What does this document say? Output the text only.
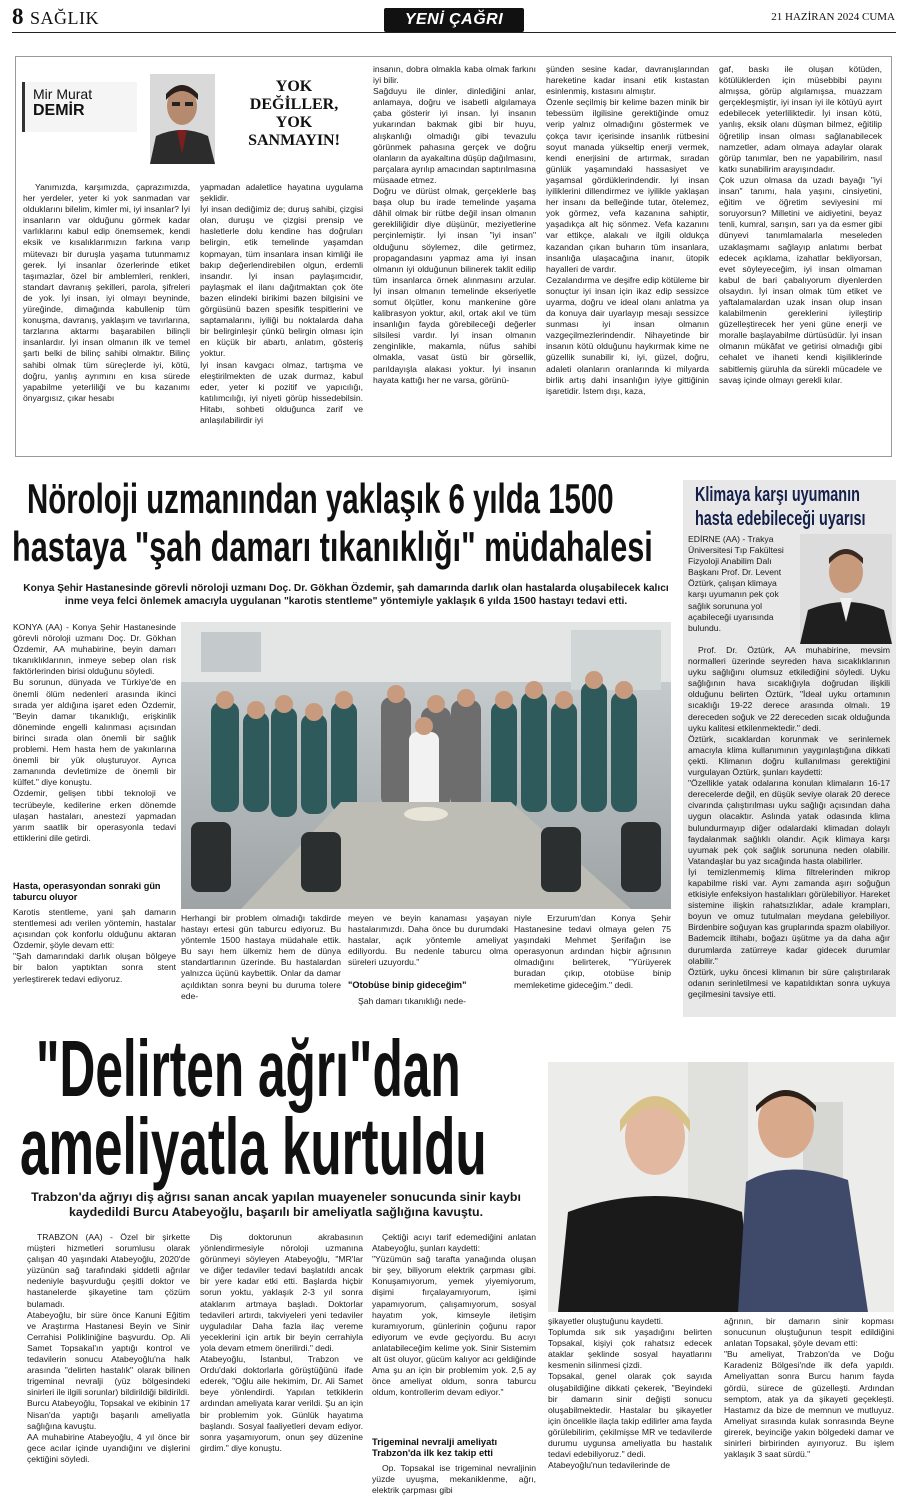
8 SAĞLIK	YENİ ÇAĞRI	21 HAZİRAN 2024 CUMA
Mir Murat
DEMİR
YOK DEĞİLLER, YOK SANMAYIN!
Yanımızda, karşımızda, çaprazımızda, her yerdeler, yeter ki yok sanmadan var olduklarını bilelim, kimler mi, iyi insanlar? İyi insanların var olduğunu görmek kadar varlıklarını kabul edip önemsemek, kendi eksik ve kısalıklarımızın farkına varıp mütevazı bir duruşla yaşama tutunmamız gerek. İyi insanlar özerlerinde etiket taşımazlar, özel bir amblemleri, renkleri, standart davranış şekilleri, parola, şifreleri de yok. İyi insan, iyi olmayı beyninde, yüreğinde, dimağında kabullenip tüm konuşma, davranış, yaklaşım ve tavırlarına, tarzlarına aktarmı başarabilen bilinçli insanlardır. İyi insan olmanın ilk ve temel şartı belki de bilinç sahibi olmaktır. Bilinç sahibi olmak tüm süreçlerde iyi, kötü, doğru, yanlış ayrımını en kısa sürede yapabilme yeterliliği ve bu kazanımı önyargısız, çıkar hesabı
yapmadan adaletlice hayatına uygulama şeklidir.
İyi insan dediğimiz de; duruş sahibi, çizgisi olan, duruşu ve çizgisi prensip ve hasletlerle dolu kendine has doğruları belirgin, etik temelinde yaşamdan kopmayan, tüm insanlara insan kimliği ile bakıp değerlendirebilen olgun, erdemli insandır. İyi insan paylaşımcıdır, paylaşmak el ilanı dağıtmaktan çok öte bazen elindeki birikimi bazen bilgisini ve görgüsünü bazen spesifik tespitlerini ve saptamalarını, iyiliği bu noktalarda daha bir belirginleşir çünkü belirgin olması için en küçük bir abartı, anlatım, gösteriş yoktur.
İyi insan kavgacı olmaz, tartışma ve eleştirilmekten de uzak durmaz, kabul eder, yeter ki pozitif ve yapıcılığı, katılımcılığı, iyi niyeti görüp hissedebilsin. Hitabı, sohbeti olduğunca zarif ve anlaşılabilirdir iyi
insanın, dobra olmakla kaba olmak farkını iyi bilir.
Sağduyu ile dinler, dinlediğini anlar, anlamaya, doğru ve isabetli algılamaya çaba gösterir iyi insan. İyi insanın yukarından bakmak gibi bir huyu, alışkanlığı olmadığı gibi tevazulu görünmek pahasına gerçek ve doğru olanların da ayakaltına düşüp dağılmasını, parçalara ayrılıp amacından saptırılmasına müsaade etmez.
Doğru ve dürüst olmak, gerçeklerle baş başa olup bu irade temelinde yaşama dâhil olmak bir rütbe değil insan olmanın gerekliliğidir diye düşünür, meziyetlerine perçinlemiştir. İyi insan "iyi insan" olduğunu söylemez, dile getirmez, propagandasını yapmaz ama iyi insan olmanın iyi olduğunun bilinerek taklit edilip tüm insanlarca örnek alınmasını arzular. İyi insan olmanın temelinde ekseriyetle somut ölçütler, konu mankenine göre kalibrasyon yoktur, akıl, ortak akıl ve tüm insanlığın fayda görebileceği değerler silsilesi vardır. İyi insan olmanın zenginlikle, makamla, nüfus sahibi olmakla, vasat üstü bir görsellik, parıldayışla alakası yoktur. İyi insanın hayata kattığı her ne varsa, görünü-
şünden sesine kadar, davranışlarından hareketine kadar insani etik kıstastan esinlenmiş, kıstasını almıştır.
Özenle seçilmiş bir kelime bazen minik bir tebessüm ilgilisine gerektiğinde omuz verip yalnız olmadığını göstermek ve çokça tavır içerisinde insanlık rütbesini soyut manada yükseltip enerji vermek, kendi enerjisini de artırmak, sıradan günlük yaşamındaki hassasiyet ve yaşamsal gördüklerindendir. İyi insan iyiliklerini dillendirmez ve iyilikle yaklaşan her insanı da belleğinde tutar, ötelemez, yok görmez, vefa kazanına sahiptir, yaşadıkça alt hiç sönmez. Vefa kazanını var ettikçe, alakalı ve ilgili oldukça kazandan çıkan buharın tüm insanlara, insanlığa ulaşacağına inanır, ütopik hayalleri de vardır.
Cezalandırma ve deşifre edip kötüleme bir sonuçtur iyi insan için ikaz edip sessizce uyarma, doğru ve ideal olanı anlatma ya da konuya dair uyarlayıp mesajı sessizce sunması iyi insan olmanın vazgeçilmezlerindendir. Nihayetinde bir insanın kötü olduğunu haykırmak kime ne güzellik sunabilir ki, iyi, güzel, doğru, adaleti olanların oranlarında ki milyarda birlik artış dahi insanlığın iyiye gittiğinin işaretidir. İstem dışı, kaza,
gaf, baskı ile oluşan kötüden, kötülüklerden için müsebbibi payını almışsa, görüp algılamışsa, muazzam gerçekleşmiştir, iyi insan iyi ile kötüyü ayırt edebilecek yeterliliktedir. İyi insan kötü, yanlış, eksik olanı düşman bilmez, eğitilip öğretilip insan olması sağlanabilecek namzetler, adam olmaya adaylar olarak görüp tanımlar, ben ne yapabilirim, nasıl katkı sunabilirim arayışındadır.
Çok uzun olmasa da uzadı bayağı "iyi insan" tanımı, hala yaşını, cinsiyetini, eğitim ve öğretim seviyesini mi soruyorsun? Milletini ve aidiyetini, beyaz tenli, kumral, sarışın, sarı ya da esmer gibi dünyevi tanımlamalarla meseleden uzaklaşmamı sağlayıp anlatımı berbat edecek açıklama, izahatlar bekliyorsan, evet söyleyeceğim, iyi insan olmaman kabul de bari çabalıyorum diyenlerden olsaydın. İyi insan olmak tüm etiket ve yaftalamalardan uzak insan olup insan kalabilmenin gereklerini iyileştirip güzelleştirecek her yeni güne enerji ve moralle başlayabilme dürtüsüdür. İyi insan olmanın mükâfat ve getirisi olmadığı gibi cehalet ve ihaneti kendi kişiliklerinde sabitlemiş güruhla da sürekli mücadele ve savaş içinde olmayı gerekli kılar.
Nöroloji uzmanından yaklaşık 6 yılda 1500
hastaya "şah damarı tıkanıklığı" müdahalesi
Konya Şehir Hastanesinde görevli nöroloji uzmanı Doç. Dr. Gökhan Özdemir, şah damarında darlık olan hastalarda oluşabilecek kalıcı inme veya felci önlemek amacıyla uygulanan "karotis stentleme" yöntemiyle yaklaşık 6 yılda 1500 hastayı tedavi etti.
KONYA (AA) - Konya Şehir Hastanesinde görevli nöroloji uzmanı Doç. Dr. Gökhan Özdemir, AA muhabirine, beyin damarı tıkanıklıklarının, inmeye sebep olan risk faktörlerinden birisi olduğunu söyledi.
Bu sorunun, dünyada ve Türkiye'de en önemli ölüm nedenleri arasında ikinci sırada yer aldığına işaret eden Özdemir, "Beyin damar tıkanıklığı, erişkinlik döneminde engelli kalınması açısından birinci sırada olan önemli bir sağlık problemi. Hem hasta hem de yakınlarına önemli bir yük oluşturuyor. Ayrıca zamanında devletimize de önemli bir külfet." diye konuştu.
Özdemir, gelişen tıbbi teknoloji ve tecrübeyle, kedilerine erken dönemde ulaşan hastaları, anestezi yapmadan yarım saatlik bir operasyonla tedavi ettiklerini dile getirdi.
Hasta, operasyondan sonraki gün taburcu oluyor
Karotis stentleme, yani şah damarın stentlemesi adı verilen yöntemin, hastalar açısından çok konforlu olduğunu aktaran Özdemir, şöyle devam etti:
"Şah damarındaki darlık oluşan bölgeye bir balon yaptıktan sonra stent yerleştirerek tedavi ediyoruz.
Herhangi bir problem olmadığı takdirde hastayı ertesi gün taburcu ediyoruz. Bu yöntemle 1500 hastaya müdahale ettik. Bu sayı hem ülkemiz hem de dünya standartlarının üzerinde. Bu hastalardan yalnızca üçünü kaybettik. Onlar da damar açıldıktan sonra beyni bu duruma tolere ede-
meyen ve beyin kanaması yaşayan hastalarımızdı. Daha önce bu durumdaki hastalar, açık yöntemle ameliyat ediliyordu. Bu nedenle taburcu olma süreleri uzuyordu."
"Otobüse binip gideceğim"
Şah damarı tıkanıklığı nede-
niyle Erzurum'dan Konya Şehir Hastanesine tedavi olmaya gelen 75 yaşındaki Mehmet Şerifağın ise operasyonun ardından hiçbir ağrısının olmadığını belirterek, "Yürüyerek buradan çıkıp, otobüse binip memleketime gideceğim." dedi.
Klimaya karşı uyumanın
hasta edebileceği uyarısı
EDİRNE (AA) - Trakya Üniversitesi Tıp Fakültesi Fizyoloji Anabilim Dalı Başkanı Prof. Dr. Levent Öztürk, çalışan klimaya karşı uyumanın pek çok sağlık sorununa yol açabileceği uyarısında bulundu.
Prof. Dr. Öztürk, AA muhabirine, mevsim normalleri üzerinde seyreden hava sıcaklıklarının uyku sağlığını olumsuz etkilediğini söyledi. Uyku sağlığının hava sıcaklığıyla doğrudan ilişkili olduğunu belirten Öztürk, "İdeal uyku ortamının sıcaklığı 19-22 derece arasında olmalı. 19 dereceden soğuk ve 22 dereceden sıcak olduğunda uyku kalitesi etkilenmektedir." dedi.
Öztürk, sıcaklardan korunmak ve serinlemek amacıyla klima kullanımının yaygınlaştığına dikkati çekti. Klimanın doğru kullanılması gerektiğini vurgulayan Öztürk, şunları kaydetti:
"Özellikle yatak odalarına konulan klimaların 16-17 derecelerde değil, en düşük seviye olarak 20 derece civarında çalıştırılması uyku sağlığı açısından daha uygun olacaktır. Aslında yatak odasında klima bulundurmayıp diğer odalardaki klimadan dolaylı faydalanmak sağlıklı olandır. Açık klimaya karşı uyumak pek çok sağlık sorununa neden olabilir. Vatandaşlar bu yaz sıcağında hasta olabilirler.
İyi temizlenmemiş klima filtrelerinden mikrop kapabilme riski var. Aynı zamanda aşırı soğuğun etkisiyle enfeksiyon hastalıkları görülebiliyor. Hareket sistemine ilişkin rahatsızlıklar, adale krampları, boyun ve omuz tutulmaları meydana gelebiliyor. Birdenbire soğuyan kas gruplarında spazm olabiliyor. Bademcik iltihabı, boğazı üşütme ya da daha ağır durumlarda zatürreye kadar gidecek durumlar olabilir."
Öztürk, uyku öncesi klimanın bir süre çalıştırılarak odanın serinletilmesi ve kapatıldıktan sonra uykuya geçilmesini tavsiye etti.
"Delirten ağrı"dan
ameliyatla kurtuldu
Trabzon'da ağrıyı diş ağrısı sanan ancak yapılan muayeneler sonucunda sinir kaybı kaydedildi Burcu Atabeyoğlu, başarılı bir ameliyatla sağlığına kavuştu.
TRABZON (AA) - Özel bir şirkette müşteri hizmetleri sorumlusu olarak çalışan 40 yaşındaki Atabeyoğlu, 2020'de yüzünün sağ tarafındaki şiddetli ağrılar nedeniyle başvurduğu çeşitli doktor ve hastanelerde şikayetine tam çözüm bulamadı.
Atabeyoğlu, bir süre önce Kanuni Eğitim ve Araştırma Hastanesi Beyin ve Sinir Cerrahisi Polikliniğine başvurdu. Op. Ali Samet Topsakal'ın yaptığı kontrol ve tedavilerin sonucu Atabeyoğlu'na halk arasında "delirten hastalık" olarak bilinen trigeminal nevralji (yüz bölgesindeki sinirleri ile ilgili sorunlar) bildirildiği bildirildi.
Burcu Atabeyoğlu, Topsakal ve ekibinin 17 Nisan'da yaptığı başarılı ameliyatla sağlığına kavuştu.
AA muhabirine Atabeyoğlu, 4 yıl önce bir gece acılar içinde uyandığını ve dişlerini çektiğini söyledi.
Diş doktorunun akrabasının yönlendirmesiyle nöroloji uzmanına görünmeyi söyleyen Atabeyoğlu, "MR'lar ve diğer tedaviler tedavi başlatıldı ancak bir yere kadar etki etti. Başlarda hiçbir sorun yoktu, yaklaşık 2-3 yıl sonra ataklarım artmaya başladı. Doktorlar tedavileri artırdı, takviyeleri yeni tedaviler uyguladılar Daha fazla ilaç vereme yeceklerini için artık bir beyin cerrahiyla yola devam etmem önerilirdi." dedi.
Atabeyoğlu, İstanbul, Trabzon ve Ordu'daki doktorlarla görüştüğünü ifade ederek, "Oğlu aile hekimim, Dr. Ali Samet beye yönlendirdi. Yapılan tetkiklerin ardından ameliyata karar verildi. Şu an için bir problemim yok. Günlük hayatıma başlandı. Sosyal faaliyetleri devam ediyor. sonra yaşamıyorum, onun şey düzenine girdim." diye konuştu.
Çektiği acıyı tarif edemediğini anlatan Atabeyoğlu, şunları kaydetti:
"Yüzümün sağ tarafta yanağında oluşan bir şey, biliyorum elektrik çarpması gibi. Konuşamıyorum, yemek yiyemiyorum, dişimi fırçalayamıyorum, işimi yapamıyorum, çalışamıyorum, sosyal hayatım yok, kimseyle iletişim kuramıyorum, günlerinin çoğunu rapor ediyorum ve evde geçiyordu. Bu acıyı anlatabileceğim kelime yok. Sinir Sistemim alt üst oluyor, gücüm kalıyor acı geldiğinde Ama şu an için bir problemim yok. 2,5 ay önce ameliyat oldum, sonra taburcu oldum, kontrollerim devam ediyor."
Trigeminal nevralji ameliyatı Trabzon'da ilk kez takip etti
Op. Topsakal ise trigeminal nevraljinin yüzde uyuşma, mekaniklenme, ağrı, elektrik çarpması gibi
şikayetler oluştuğunu kaydetti.
Toplumda sık sık yaşadığını belirten Topsakal, kişiyi çok rahatsız edecek ataklar şeklinde sosyal hayatlarını kesmenin silinmesi çizdi.
Topsakal, genel olarak çok sayıda oluşabildiğine dikkati çekerek, "Beyindeki bir damarın sinir değişti sonucu oluşabilmektedir. Hastalar bu şikayetler için öncelikle ilaçla takip edilirler ama fayda görülebilirim, çekilmişse MR ve tedavilerde durumu uygunsa ameliyatla bu hastalık tedavi edebiliyoruz." dedi.
Atabeyoğlu'nun tedavilerinde de
ağrının, bir damarın sinir kopması sonucunun oluştuğunun tespit edildiğini anlatan Topsakal, şöyle devam etti:
"Bu ameliyat, Trabzon'da ve Doğu Karadeniz Bölgesi'nde ilk defa yapıldı. Ameliyattan sonra Burcu hanım fayda gördü, sürece de güzelleşti. Ardından semptom, atak ya da şikayeti geçekleşti. Hastamız da bize de memnun ve mutluyuz. Ameliyat sırasında kulak sonrasında Beyne girerek, beyinciğe yakın bölgedeki damar ve sinirleri birbirinden ayırıyoruz. Bu işlem yaklaşık 3 saat sürdü."
